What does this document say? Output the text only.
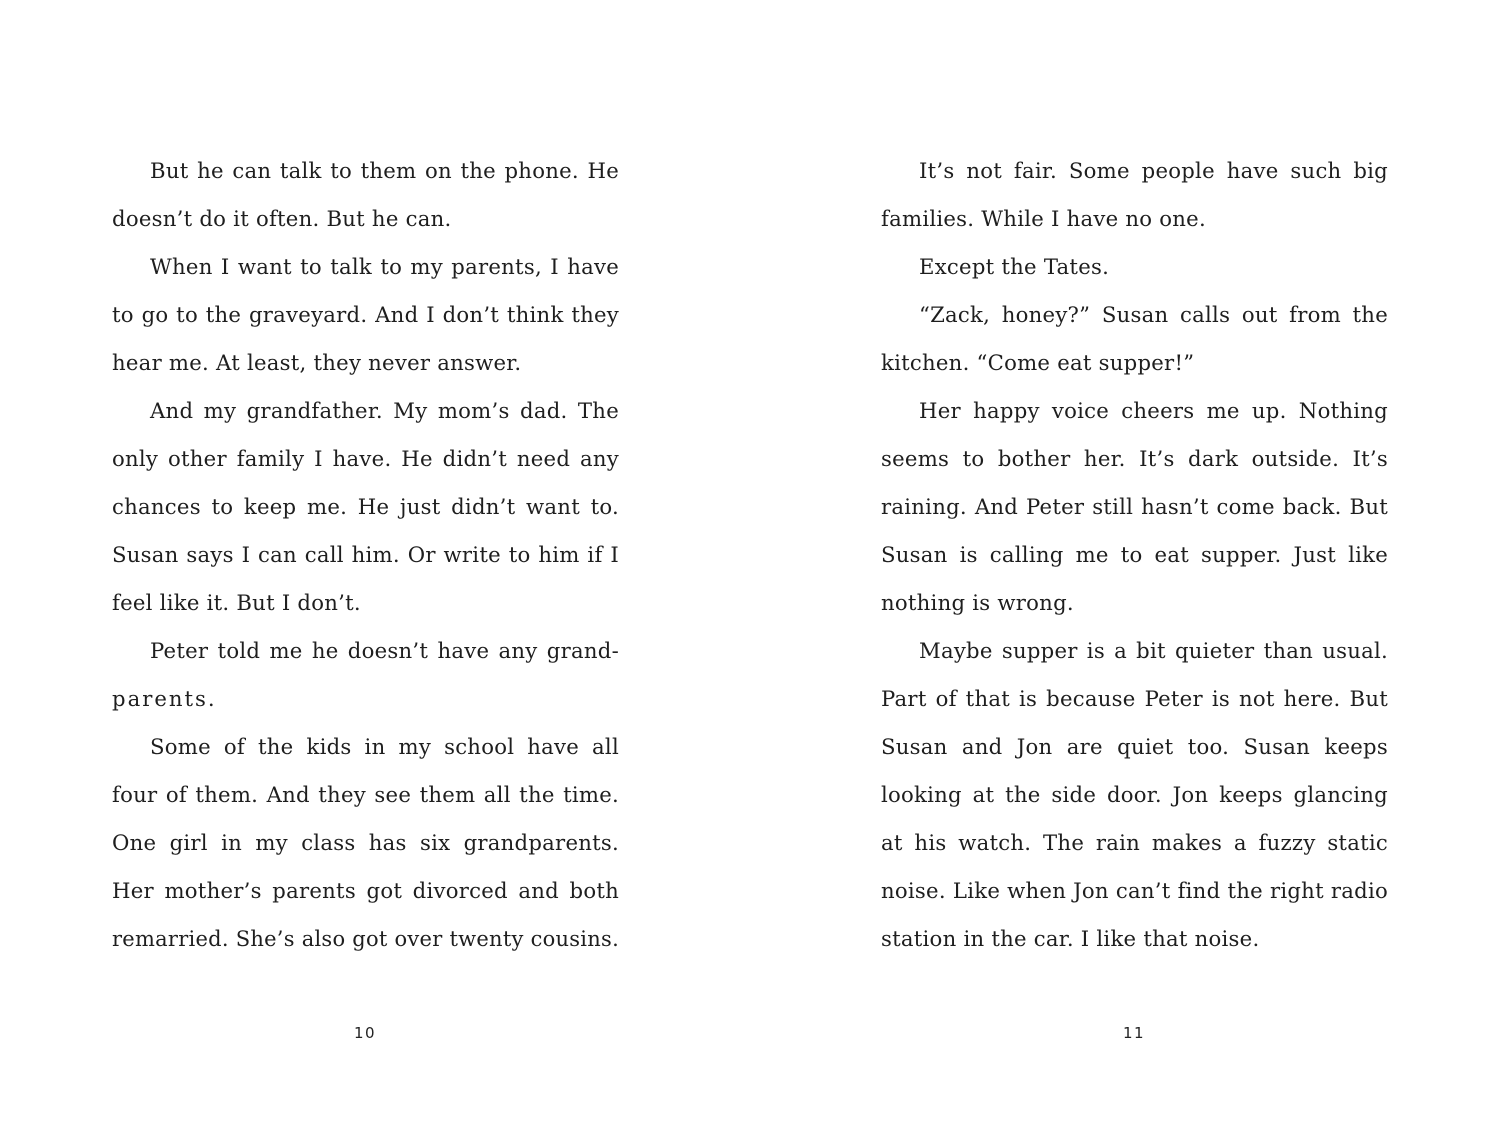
But he can talk to them on the phone. He
doesn’t do it often. But he can.
When I want to talk to my parents, I have
to go to the graveyard. And I don’t think they
hear me. At least, they never answer.
And my grandfather. My mom’s dad. The
only other family I have. He didn’t need any
chances to keep me. He just didn’t want to.
Susan says I can call him. Or write to him if I
feel like it. But I don’t.
Peter told me he doesn’t have any grand-
parents.
Some of the kids in my school have all
four of them. And they see them all the time.
One girl in my class has six grandparents.
Her mother’s parents got divorced and both
remarried. She’s also got over twenty cousins.
10
It’s not fair. Some people have such big
families. While I have no one.
Except the Tates.
“Zack, honey?” Susan calls out from the
kitchen. “Come eat supper!”
Her happy voice cheers me up. Nothing
seems to bother her. It’s dark outside. It’s
raining. And Peter still hasn’t come back. But
Susan is calling me to eat supper. Just like
nothing is wrong.
Maybe supper is a bit quieter than usual.
Part of that is because Peter is not here. But
Susan and Jon are quiet too. Susan keeps
looking at the side door. Jon keeps glancing
at his watch. The rain makes a fuzzy static
noise. Like when Jon can’t find the right radio
station in the car. I like that noise.
11
